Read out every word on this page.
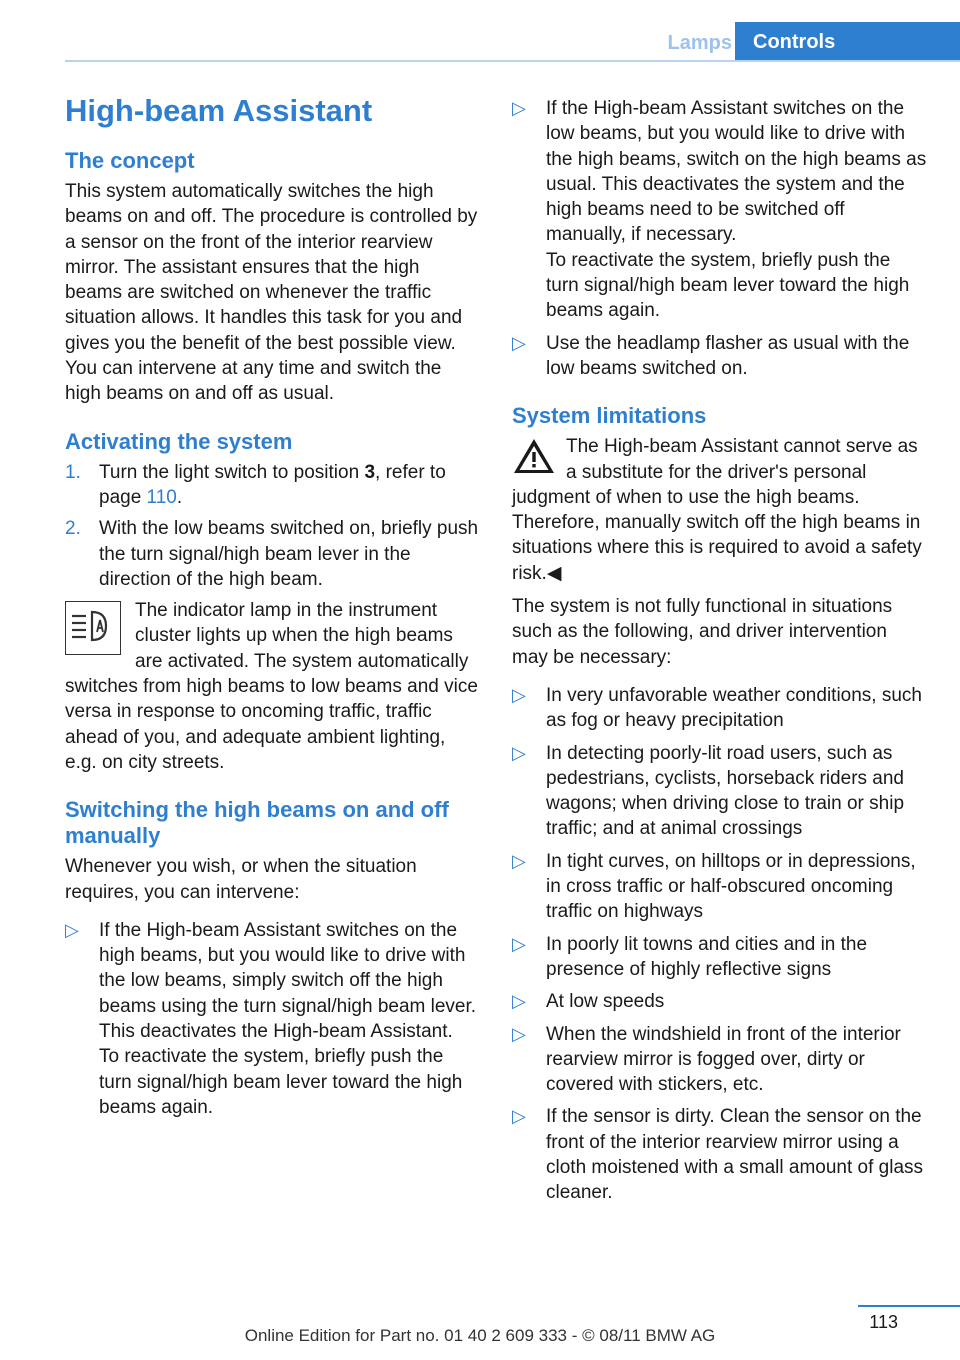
Lamps	Controls
High-beam Assistant
The concept

This system automatically switches the high beams on and off. The procedure is controlled by a sensor on the front of the interior rearview mirror. The assistant ensures that the high beams are switched on whenever the traffic situation allows. It handles this task for you and gives you the benefit of the best possible view. You can intervene at any time and switch the high beams on and off as usual.

Activating the system
1. Turn the light switch to position 3, refer to page 110.
2. With the low beams switched on, briefly push the turn signal/high beam lever in the direction of the high beam.
The indicator lamp in the instrument cluster lights up when the high beams are activated. The system automatically switches from high beams to low beams and vice versa in response to oncoming traffic, traffic ahead of you, and adequate ambient lighting, e.g. on city streets.
Switching the high beams on and off manually

Whenever you wish, or when the situation requires, you can intervene:

▷ If the High-beam Assistant switches on the high beams, but you would like to drive with the low beams, simply switch off the high beams using the turn signal/high beam lever. This deactivates the High-beam Assistant.
To reactivate the system, briefly push the turn signal/high beam lever toward the high beams again.
▷ If the High-beam Assistant switches on the low beams, but you would like to drive with the high beams, switch on the high beams as usual. This deactivates the system and the high beams need to be switched off manually, if necessary.
To reactivate the system, briefly push the turn signal/high beam lever toward the high beams again.
▷ Use the headlamp flasher as usual with the low beams switched on.
System limitations
The High-beam Assistant cannot serve as a substitute for the driver's personal judgment of when to use the high beams. Therefore, manually switch off the high beams in situations where this is required to avoid a safety risk.◀

The system is not fully functional in situations such as the following, and driver intervention may be necessary:

▷ In very unfavorable weather conditions, such as fog or heavy precipitation
▷ In detecting poorly-lit road users, such as pedestrians, cyclists, horseback riders and wagons; when driving close to train or ship traffic; and at animal crossings
▷ In tight curves, on hilltops or in depressions, in cross traffic or half-obscured oncoming traffic on highways
▷ In poorly lit towns and cities and in the presence of highly reflective signs
▷ At low speeds
▷ When the windshield in front of the interior rearview mirror is fogged over, dirty or covered with stickers, etc.
▷ If the sensor is dirty. Clean the sensor on the front of the interior rearview mirror using a cloth moistened with a small amount of glass cleaner.
113
Online Edition for Part no. 01 40 2 609 333 - © 08/11 BMW AG
